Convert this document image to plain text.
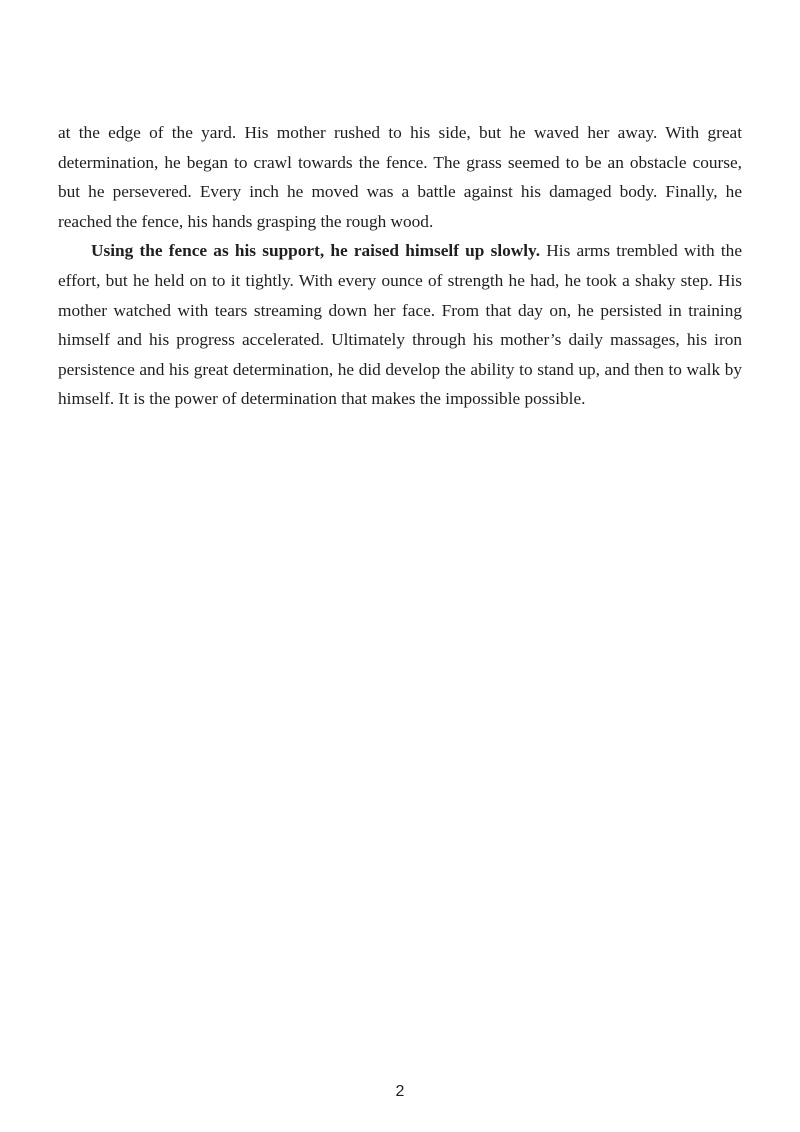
at the edge of the yard. His mother rushed to his side, but he waved her away. With great determination, he began to crawl towards the fence. The grass seemed to be an obstacle course, but he persevered. Every inch he moved was a battle against his damaged body. Finally, he reached the fence, his hands grasping the rough wood.

Using the fence as his support, he raised himself up slowly. His arms trembled with the effort, but he held on to it tightly. With every ounce of strength he had, he took a shaky step. His mother watched with tears streaming down her face. From that day on, he persisted in training himself and his progress accelerated. Ultimately through his mother’s daily massages, his iron persistence and his great determination, he did develop the ability to stand up, and then to walk by himself. It is the power of determination that makes the impossible possible.

2
